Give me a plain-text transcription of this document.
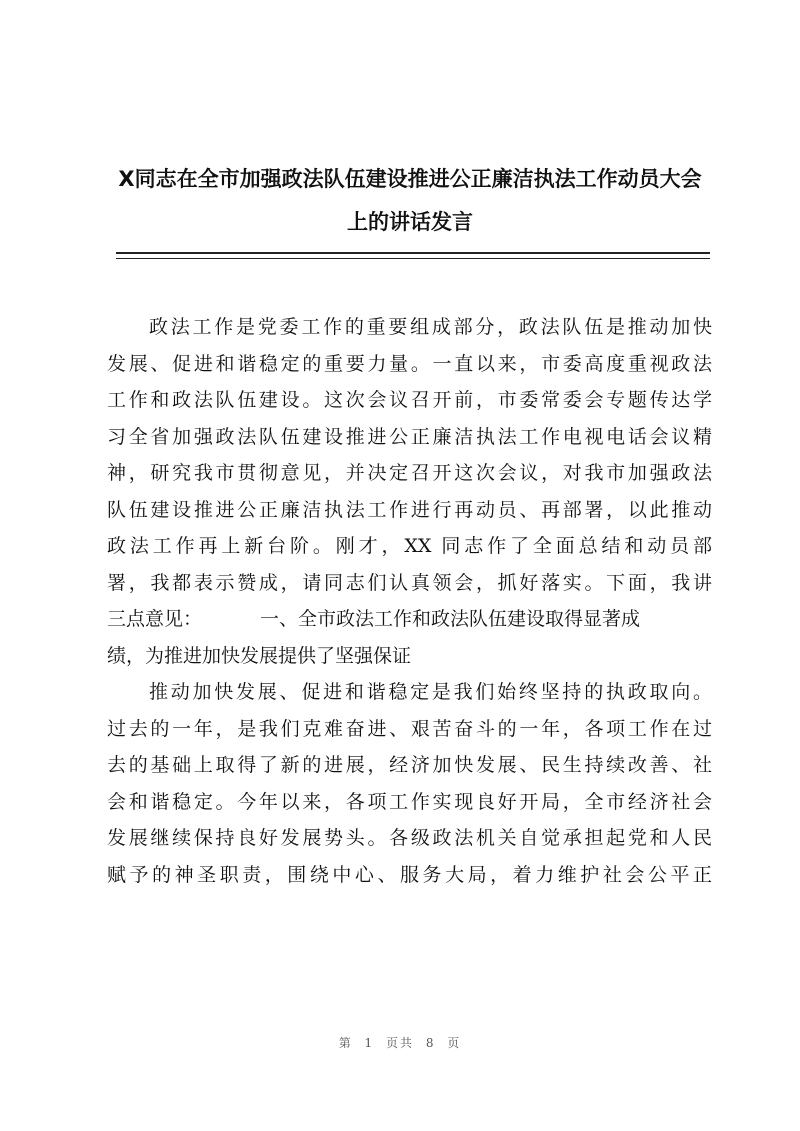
X同志在全市加强政法队伍建设推进公正廉洁执法工作动员大会
上的讲话发言
政法工作是党委工作的重要组成部分，政法队伍是推动加快
发展、促进和谐稳定的重要力量。一直以来，市委高度重视政法
工作和政法队伍建设。这次会议召开前，市委常委会专题传达学
习全省加强政法队伍建设推进公正廉洁执法工作电视电话会议精
神，研究我市贯彻意见，并决定召开这次会议，对我市加强政法
队伍建设推进公正廉洁执法工作进行再动员、再部署，以此推动
政法工作再上新台阶。刚才，XX 同志作了全面总结和动员部
署，我都表示赞成，请同志们认真领会，抓好落实。下面，我讲
三点意见：	一、全市政法工作和政法队伍建设取得显著成
绩，为推进加快发展提供了坚强保证
推动加快发展、促进和谐稳定是我们始终坚持的执政取向。
过去的一年，是我们克难奋进、艰苦奋斗的一年，各项工作在过
去的基础上取得了新的进展，经济加快发展、民生持续改善、社
会和谐稳定。今年以来，各项工作实现良好开局，全市经济社会
发展继续保持良好发展势头。各级政法机关自觉承担起党和人民
赋予的神圣职责，围绕中心、服务大局，着力维护社会公平正
第 1 页共 8 页
